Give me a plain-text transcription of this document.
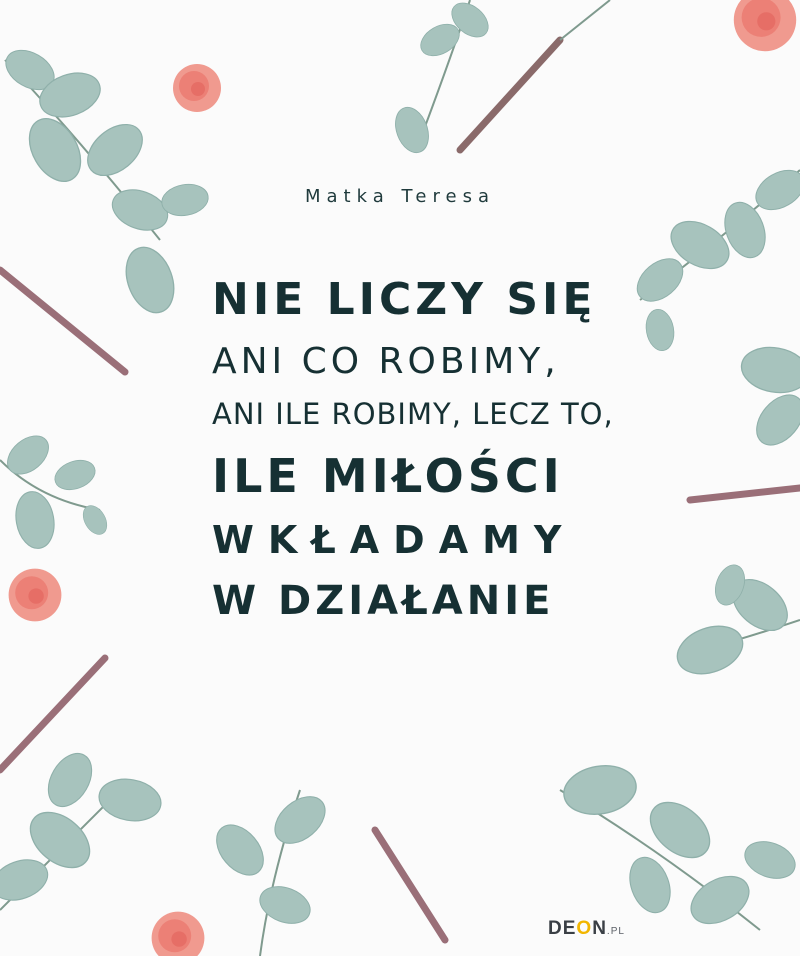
Matka Teresa
NIE LICZY SIĘ
ANI CO ROBIMY,
ANI ILE ROBIMY, LECZ TO,
ILE MIŁOŚCI
WKŁADAMY
W DZIAŁANIE
DEON.PL
